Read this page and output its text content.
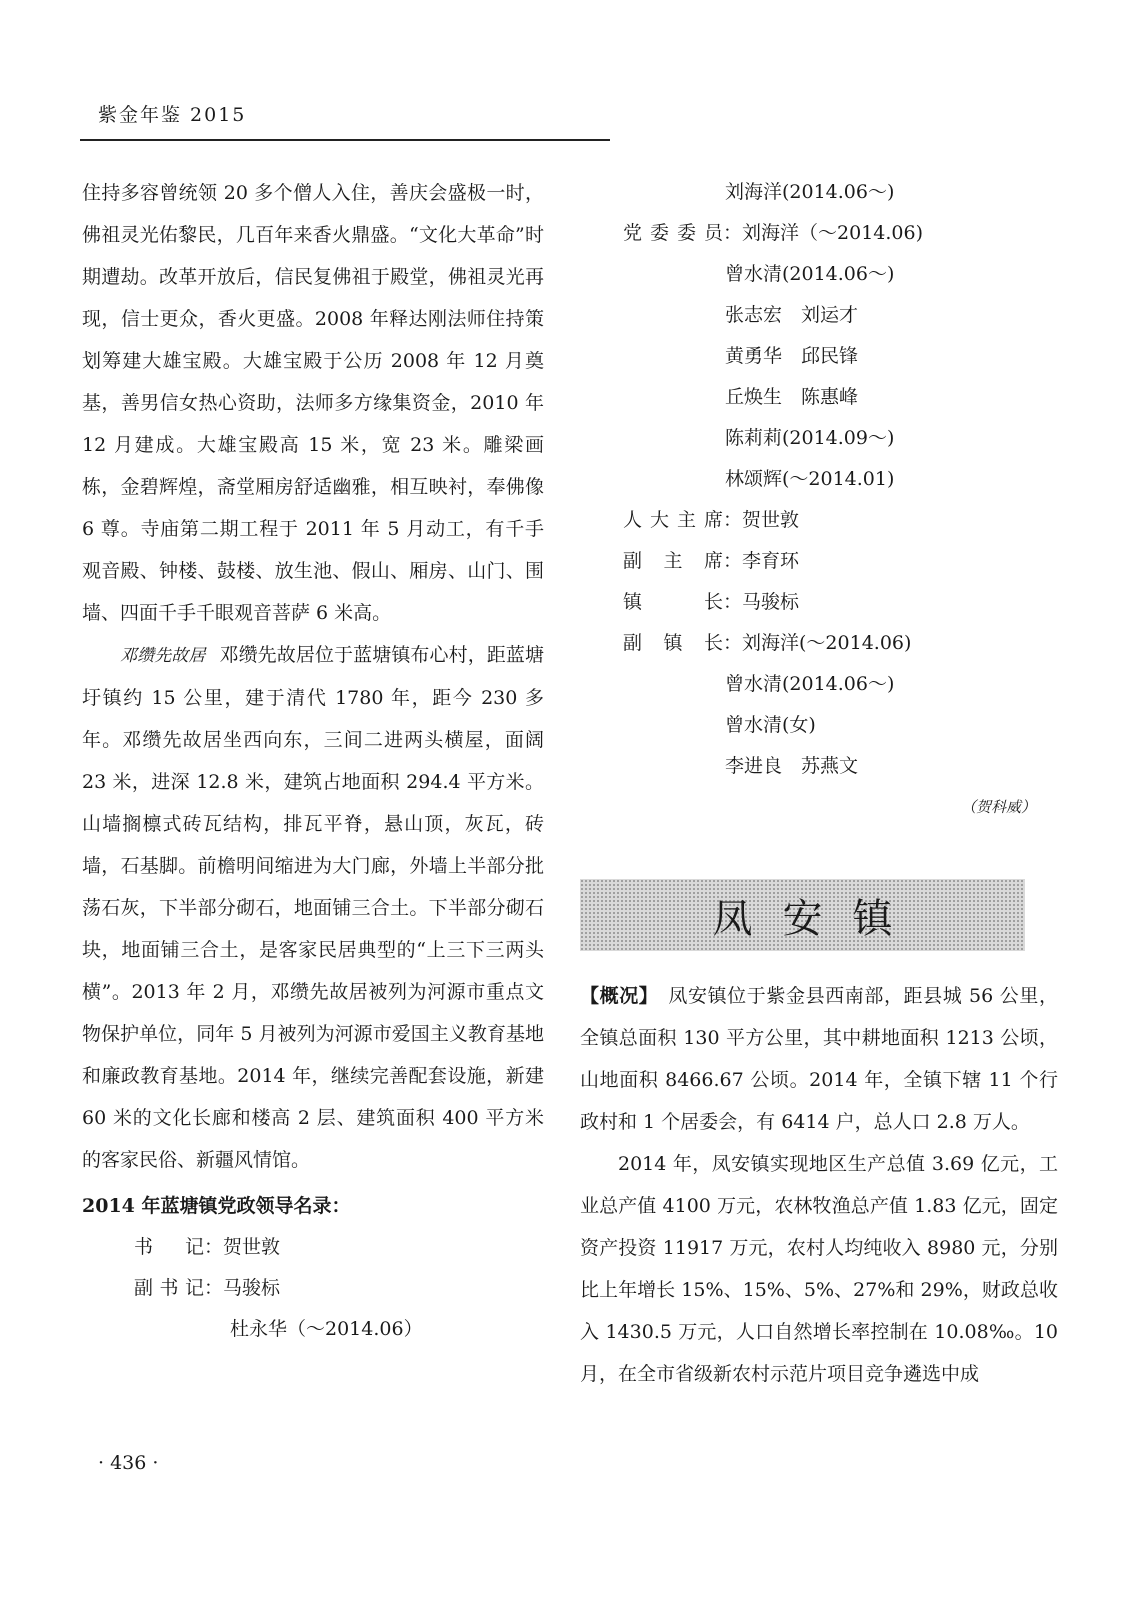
紫金年鉴 2015

住持多容曾统领 20 多个僧人入住，善庆会盛极一时，佛祖灵光佑黎民，几百年来香火鼎盛。“文化大革命”时期遭劫。改革开放后，信民复佛祖于殿堂，佛祖灵光再现，信士更众，香火更盛。2008 年释达刚法师住持策划筹建大雄宝殿。大雄宝殿于公历 2008 年 12 月奠基，善男信女热心资助，法师多方缘集资金，2010 年 12 月建成。大雄宝殿高 15 米，宽 23 米。雕梁画栋，金碧辉煌，斋堂厢房舒适幽雅，相互映衬，奉佛像 6 尊。寺庙第二期工程于 2011 年 5 月动工，有千手观音殿、钟楼、鼓楼、放生池、假山、厢房、山门、围墙、四面千手千眼观音菩萨 6 米高。

邓缵先故居 邓缵先故居位于蓝塘镇布心村，距蓝塘圩镇约 15 公里，建于清代 1780 年，距今 230 多年。邓缵先故居坐西向东，三间二进两头横屋，面阔 23 米，进深 12.8 米，建筑占地面积 294.4 平方米。山墙搁檩式砖瓦结构，排瓦平脊，悬山顶，灰瓦，砖墙，石基脚。前檐明间缩进为大门廊，外墙上半部分批荡石灰，下半部分砌石，地面铺三合土。下半部分砌石块，地面铺三合土，是客家民居典型的“上三下三两头横”。2013 年 2 月，邓缵先故居被列为河源市重点文物保护单位，同年 5 月被列为河源市爱国主义教育基地和廉政教育基地。2014 年，继续完善配套设施，新建 60 米的文化长廊和楼高 2 层、建筑面积 400 平方米的客家民俗、新疆风情馆。

2014 年蓝塘镇党政领导名录：
书记：贺世敦
副书记：马骏标
杜永华（～2014.06）
刘海洋(2014.06～)
党委委员：刘海洋（～2014.06)
曾水清(2014.06～)
张志宏　刘运才
黄勇华　邱民锋
丘焕生　陈惠峰
陈莉莉(2014.09～)
林颂辉(～2014.01)
人大主席：贺世敦
副主席：李育环
镇长：马骏标
副镇长：刘海洋(～2014.06)
曾水清(2014.06～)
曾水清(女)
李进良　苏燕文
（贺科威）
凤安镇

【概况】 凤安镇位于紫金县西南部，距县城 56 公里，全镇总面积 130 平方公里，其中耕地面积 1213 公顷，山地面积 8466.67 公顷。2014 年，全镇下辖 11 个行政村和 1 个居委会，有 6414 户，总人口 2.8 万人。

2014 年，凤安镇实现地区生产总值 3.69 亿元，工业总产值 4100 万元，农林牧渔总产值 1.83 亿元，固定资产投资 11917 万元，农村人均纯收入 8980 元，分别比上年增长 15%、15%、5%、27%和 29%，财政总收入 1430.5 万元，人口自然增长率控制在 10.08‰。10 月，在全市省级新农村示范片项目竞争遴选中成

· 436 ·
